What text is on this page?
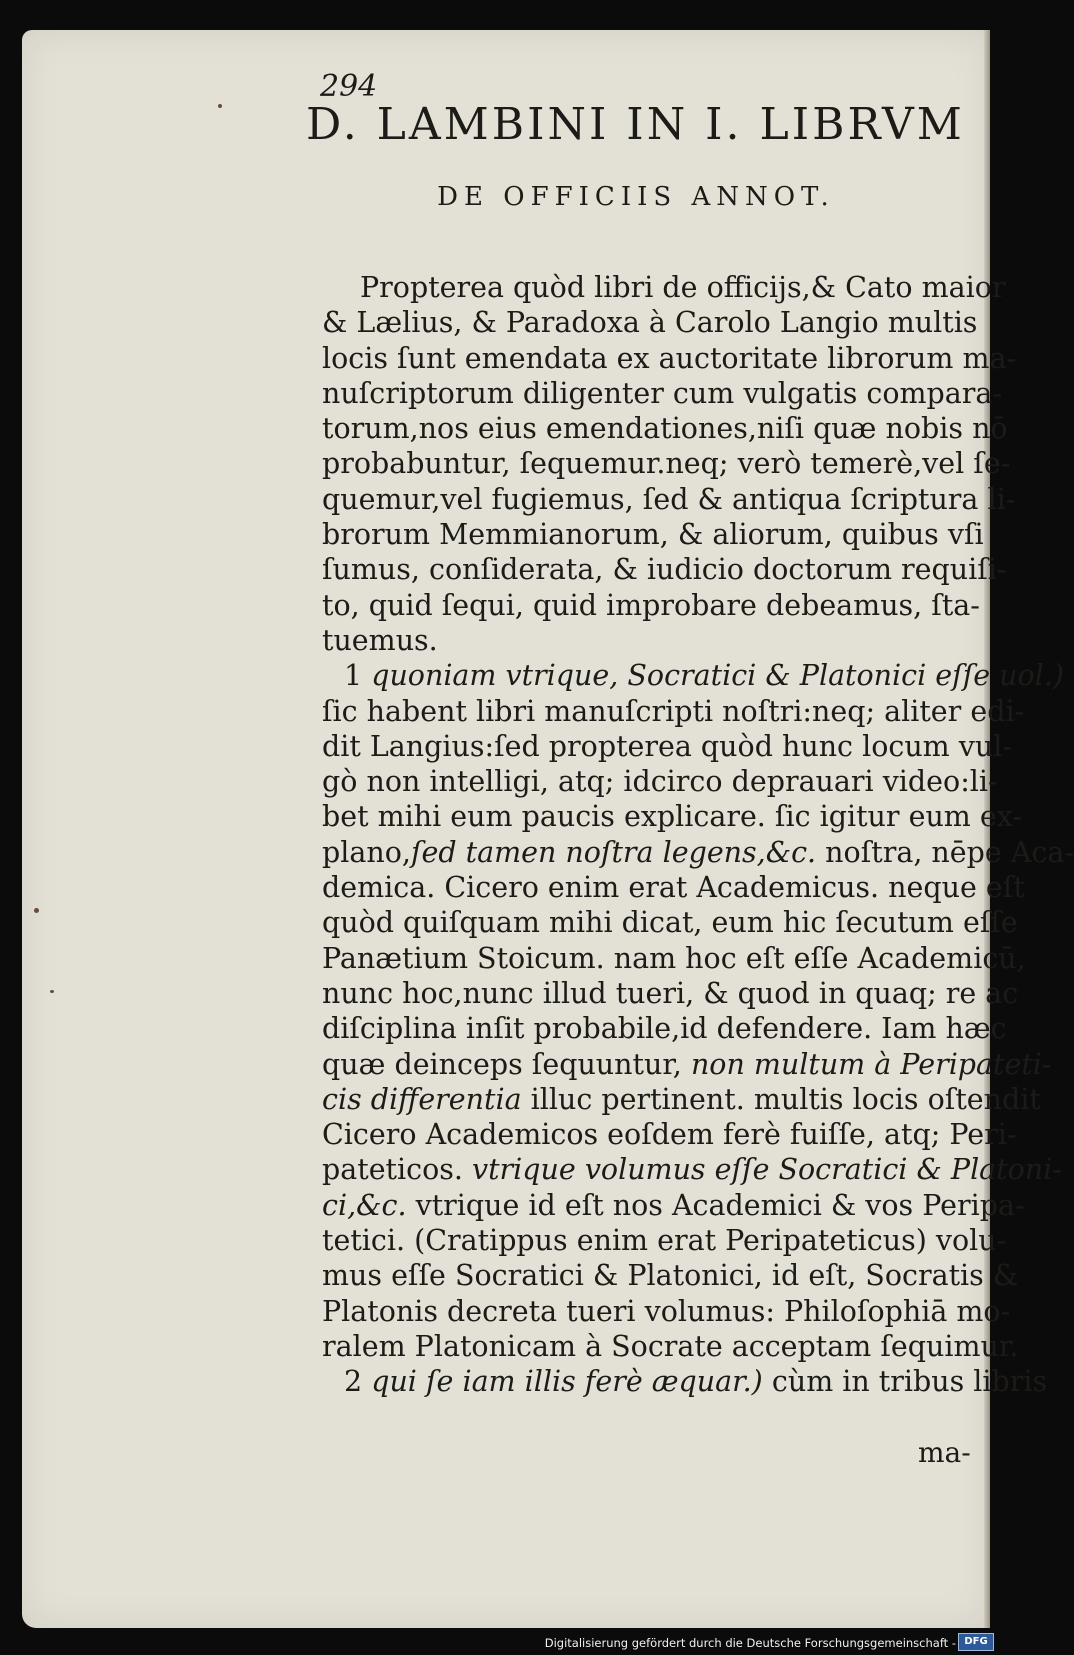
294
D. LAMBINI IN I. LIBRVM
DE OFFICIIS ANNOT.
Propterea quòd libri de officijs,& Cato maior
& Lælius, & Paradoxa à Carolo Langio multis
locis ſunt emendata ex auctoritate librorum ma-
nuſcriptorum diligenter cum vulgatis compara-
torum,nos eius emendationes,niſi quæ nobis nō
probabuntur, ſequemur.neq; verò temerè,vel ſe-
quemur,vel fugiemus, ſed & antiqua ſcriptura li-
brorum Memmianorum, & aliorum, quibus vſi
ſumus, conſiderata, & iudicio doctorum requiſi-
to, quid ſequi, quid improbare debeamus, ſta-
tuemus.
1 quoniam vtrique, Socratici & Platonici eſſe uol.)
ſic habent libri manuſcripti noſtri:neq; aliter edi-
dit Langius:ſed propterea quòd hunc locum vul-
gò non intelligi, atq; idcirco deprauari video:li-
bet mihi eum paucis explicare. ſic igitur eum ex-
plano,ſed tamen noſtra legens,&c. noſtra, nēpe Aca-
demica. Cicero enim erat Academicus. neque eſt
quòd quiſquam mihi dicat, eum hic ſecutum eſſe
Panætium Stoicum. nam hoc eſt eſſe Academicū,
nunc hoc,nunc illud tueri, & quod in quaq; re ac
diſciplina inſit probabile,id defendere. Iam hæc
quæ deinceps ſequuntur, non multum à Peripateti-
cis differentia illuc pertinent. multis locis oſtendit
Cicero Academicos eoſdem ferè fuiſſe, atq; Peri-
pateticos. vtrique volumus eſſe Socratici & Platoni-
ci,&c. vtrique id eſt nos Academici & vos Peripa-
tetici. (Cratippus enim erat Peripateticus) volu-
mus eſſe Socratici & Platonici, id eſt, Socratis &
Platonis decreta tueri volumus: Philoſophiā mo-
ralem Platonicam à Socrate acceptam ſequimur.
2 qui ſe iam illis ferè æquar.) cùm in tribus libris
ma-
Digitalisierung gefördert durch die Deutsche Forschungsgemeinschaft - DFG
